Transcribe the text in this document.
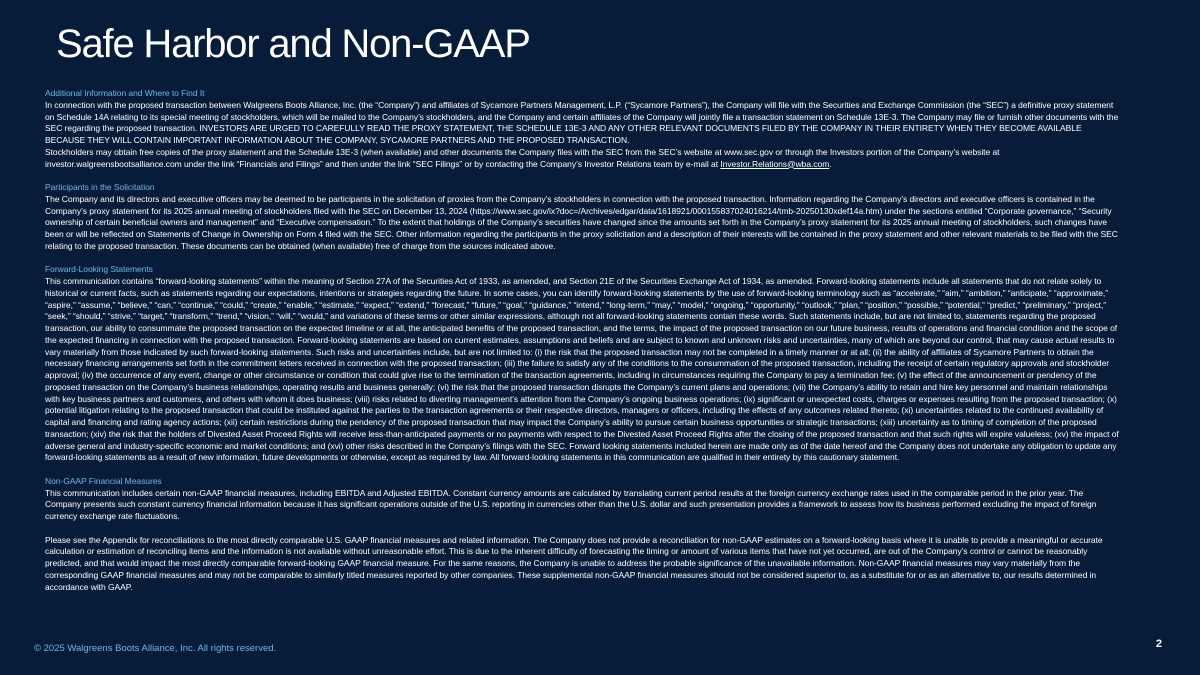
Safe Harbor and Non-GAAP
Additional Information and Where to Find It

In connection with the proposed transaction between Walgreens Boots Alliance, Inc. (the “Company”) and affiliates of Sycamore Partners Management, L.P. (“Sycamore Partners”), the Company will file with the Securities and Exchange Commission (the “SEC”) a definitive proxy statement on Schedule 14A relating to its special meeting of stockholders, which will be mailed to the Company’s stockholders, and the Company and certain affiliates of the Company will jointly file a transaction statement on Schedule 13E-3. The Company may file or furnish other documents with the SEC regarding the proposed transaction. INVESTORS ARE URGED TO CAREFULLY READ THE PROXY STATEMENT, THE SCHEDULE 13E-3 AND ANY OTHER RELEVANT DOCUMENTS FILED BY THE COMPANY IN THEIR ENTIRETY WHEN THEY BECOME AVAILABLE BECAUSE THEY WILL CONTAIN IMPORTANT INFORMATION ABOUT THE COMPANY, SYCAMORE PARTNERS AND THE PROPOSED TRANSACTION.

Stockholders may obtain free copies of the proxy statement and the Schedule 13E-3 (when available) and other documents the Company files with the SEC from the SEC’s website at www.sec.gov or through the Investors portion of the Company’s website at investor.walgreensbootsalliance.com under the link “Financials and Filings” and then under the link “SEC Filings” or by contacting the Company’s Investor Relations team by e-mail at Investor.Relations@wba.com.

Participants in the Solicitation

The Company and its directors and executive officers may be deemed to be participants in the solicitation of proxies from the Company’s stockholders in connection with the proposed transaction. Information regarding the Company’s directors and executive officers is contained in the Company’s proxy statement for its 2025 annual meeting of stockholders filed with the SEC on December 13, 2024 (https://www.sec.gov/ix?doc=/Archives/edgar/data/1618921/000155837024016214/tmb-20250130xdef14a.htm) under the sections entitled “Corporate governance,” “Security ownership of certain beneficial owners and management” and “Executive compensation.” To the extent that holdings of the Company’s securities have changed since the amounts set forth in the Company’s proxy statement for its 2025 annual meeting of stockholders, such changes have been or will be reflected on Statements of Change in Ownership on Form 4 filed with the SEC. Other information regarding the participants in the proxy solicitation and a description of their interests will be contained in the proxy statement and other relevant materials to be filed with the SEC relating to the proposed transaction. These documents can be obtained (when available) free of charge from the sources indicated above.

Forward-Looking Statements

This communication contains “forward-looking statements” within the meaning of Section 27A of the Securities Act of 1933, as amended, and Section 21E of the Securities Exchange Act of 1934, as amended. Forward-looking statements include all statements that do not relate solely to historical or current facts, such as statements regarding our expectations, intentions or strategies regarding the future. In some cases, you can identify forward-looking statements by the use of forward-looking terminology such as “accelerate,” “aim,” “ambition,” “anticipate,” “approximate,” “aspire,” “assume,” “believe,” “can,” “continue,” “could,” “create,” “enable,” “estimate,” “expect,” “extend,” “forecast,” “future,” “goal,” “guidance,” “intend,” “long-term,” “may,” “model,” “ongoing,” “opportunity,” “outlook,” “plan,” “position,” “possible,” “potential,” “predict,” “preliminary,” “project,” “seek,” “should,” “strive,” “target,” “transform,” “trend,” “vision,” “will,” “would,” and variations of these terms or other similar expressions, although not all forward-looking statements contain these words. Such statements include, but are not limited to, statements regarding the proposed transaction, our ability to consummate the proposed transaction on the expected timeline or at all, the anticipated benefits of the proposed transaction, and the terms, the impact of the proposed transaction on our future business, results of operations and financial condition and the scope of the expected financing in connection with the proposed transaction. Forward-looking statements are based on current estimates, assumptions and beliefs and are subject to known and unknown risks and uncertainties, many of which are beyond our control, that may cause actual results to vary materially from those indicated by such forward-looking statements. Such risks and uncertainties include, but are not limited to: (i) the risk that the proposed transaction may not be completed in a timely manner or at all; (ii) the ability of affiliates of Sycamore Partners to obtain the necessary financing arrangements set forth in the commitment letters received in connection with the proposed transaction; (iii) the failure to satisfy any of the conditions to the consummation of the proposed transaction, including the receipt of certain regulatory approvals and stockholder approval; (iv) the occurrence of any event, change or other circumstance or condition that could give rise to the termination of the transaction agreements, including in circumstances requiring the Company to pay a termination fee; (v) the effect of the announcement or pendency of the proposed transaction on the Company’s business relationships, operating results and business generally; (vi) the risk that the proposed transaction disrupts the Company’s current plans and operations; (vii) the Company’s ability to retain and hire key personnel and maintain relationships with key business partners and customers, and others with whom it does business; (viii) risks related to diverting management’s attention from the Company’s ongoing business operations; (ix) significant or unexpected costs, charges or expenses resulting from the proposed transaction; (x) potential litigation relating to the proposed transaction that could be instituted against the parties to the transaction agreements or their respective directors, managers or officers, including the effects of any outcomes related thereto; (xi) uncertainties related to the continued availability of capital and financing and rating agency actions; (xii) certain restrictions during the pendency of the proposed transaction that may impact the Company’s ability to pursue certain business opportunities or strategic transactions; (xiii) uncertainty as to timing of completion of the proposed transaction; (xiv) the risk that the holders of Divested Asset Proceed Rights will receive less-than-anticipated payments or no payments with respect to the Divested Asset Proceed Rights after the closing of the proposed transaction and that such rights will expire valueless; (xv) the impact of adverse general and industry-specific economic and market conditions; and (xvi) other risks described in the Company’s filings with the SEC. Forward looking statements included herein are made only as of the date hereof and the Company does not undertake any obligation to update any forward-looking statements as a result of new information, future developments or otherwise, except as required by law. All forward-looking statements in this communication are qualified in their entirety by this cautionary statement.

Non-GAAP Financial Measures

This communication includes certain non-GAAP financial measures, including EBITDA and Adjusted EBITDA. Constant currency amounts are calculated by translating current period results at the foreign currency exchange rates used in the comparable period in the prior year. The Company presents such constant currency financial information because it has significant operations outside of the U.S. reporting in currencies other than the U.S. dollar and such presentation provides a framework to assess how its business performed excluding the impact of foreign currency exchange rate fluctuations.

Please see the Appendix for reconciliations to the most directly comparable U.S. GAAP financial measures and related information. The Company does not provide a reconciliation for non-GAAP estimates on a forward-looking basis where it is unable to provide a meaningful or accurate calculation or estimation of reconciling items and the information is not available without unreasonable effort. This is due to the inherent difficulty of forecasting the timing or amount of various items that have not yet occurred, are out of the Company’s control or cannot be reasonably predicted, and that would impact the most directly comparable forward-looking GAAP financial measure. For the same reasons, the Company is unable to address the probable significance of the unavailable information. Non-GAAP financial measures may vary materially from the corresponding GAAP financial measures and may not be comparable to similarly titled measures reported by other companies. These supplemental non-GAAP financial measures should not be considered superior to, as a substitute for or as an alternative to, our results determined in accordance with GAAP.

© 2025 Walgreens Boots Alliance, Inc. All rights reserved.	2
